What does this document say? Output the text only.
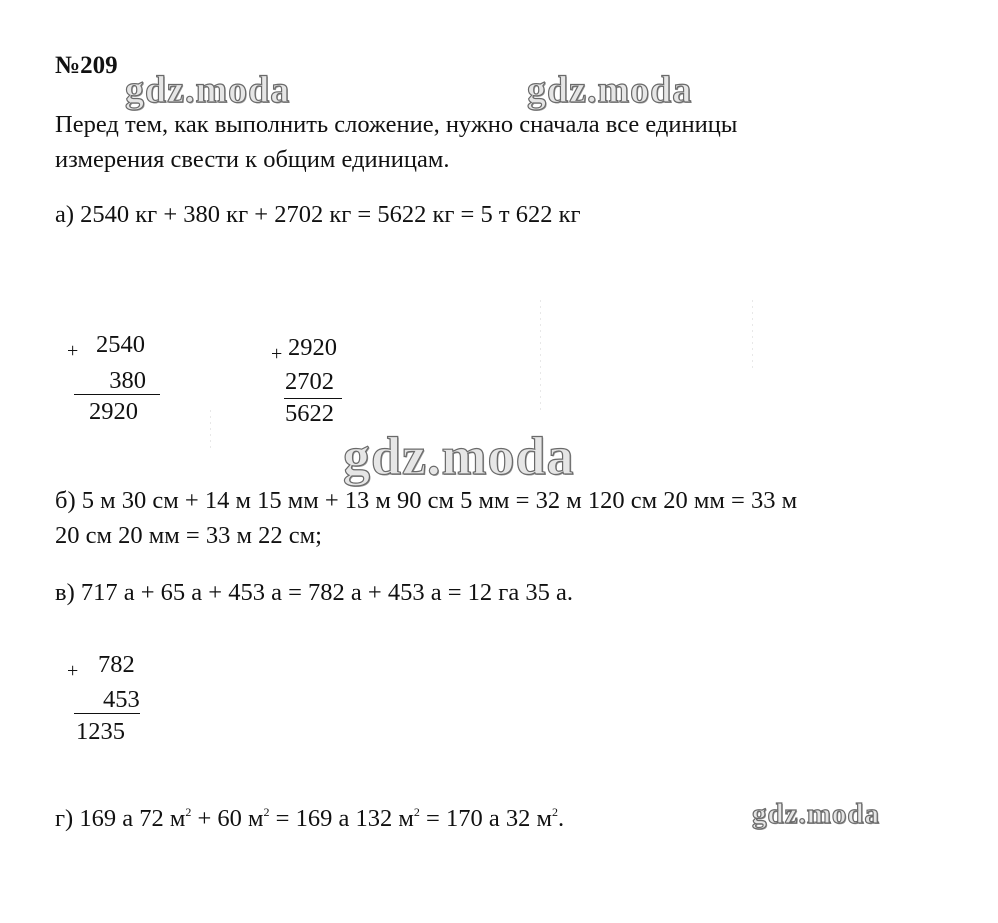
№209
gdz.moda	gdz.moda
Перед тем, как выполнить сложение, нужно сначала все единицы
измерения свести к общим единицам.
а) 2540 кг + 380 кг + 2702 кг = 5622 кг = 5 т 622 кг
+ 2540
380
2920
+ 2920
2702
5622
gdz.moda
б) 5 м 30 см + 14 м 15 мм + 13 м 90 см 5 мм = 32 м 120 см 20 мм = 33 м
20 см 20 мм = 33 м 22 см;
в) 717 а + 65 а + 453 а = 782 а + 453 а = 12 га 35 а.
+ 782
453
1235
г) 169 а 72 $м^2 + 60$ $м^2 = 169$ а 132 $м^2 = 170$ а 32 $м^2$.	gdz.moda
